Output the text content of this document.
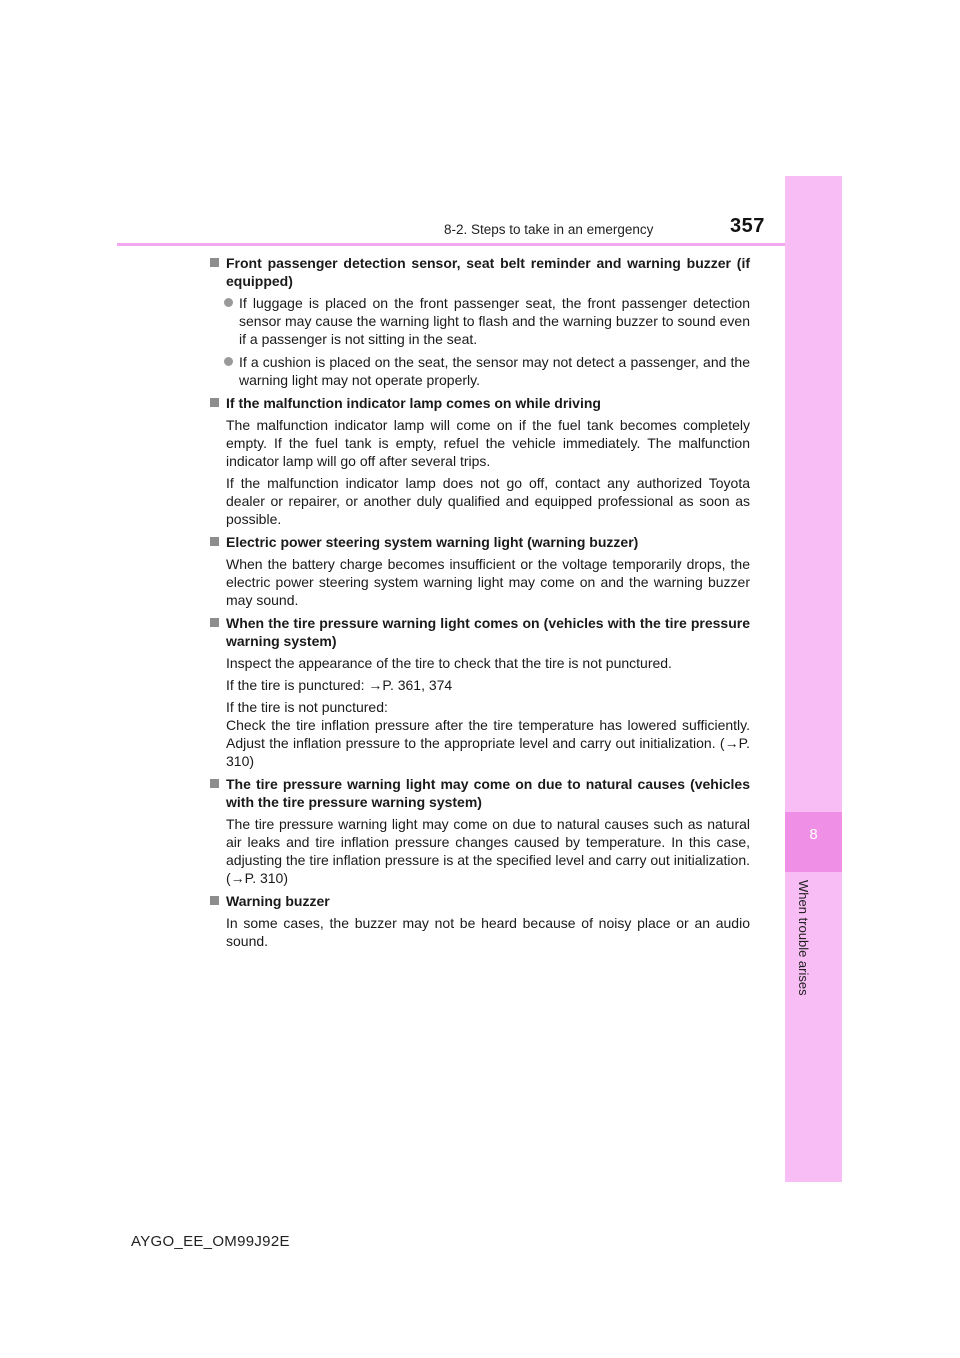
8
When trouble arises
8-2. Steps to take in an emergency	357
Front passenger detection sensor, seat belt reminder and warning buzzer (if equipped)
If luggage is placed on the front passenger seat, the front passenger detection sensor may cause the warning light to flash and the warning buzzer to sound even if a passenger is not sitting in the seat.
If a cushion is placed on the seat, the sensor may not detect a passenger, and the warning light may not operate properly.
If the malfunction indicator lamp comes on while driving
The malfunction indicator lamp will come on if the fuel tank becomes completely empty. If the fuel tank is empty, refuel the vehicle immediately. The malfunction indicator lamp will go off after several trips.
If the malfunction indicator lamp does not go off, contact any authorized Toyota dealer or repairer, or another duly qualified and equipped professional as soon as possible.
Electric power steering system warning light (warning buzzer)
When the battery charge becomes insufficient or the voltage temporarily drops, the electric power steering system warning light may come on and the warning buzzer may sound.
When the tire pressure warning light comes on (vehicles with the tire pressure warning system)
Inspect the appearance of the tire to check that the tire is not punctured.
If the tire is punctured: →P. 361, 374
If the tire is not punctured:
Check the tire inflation pressure after the tire temperature has lowered sufficiently. Adjust the inflation pressure to the appropriate level and carry out initialization. (→P. 310)
The tire pressure warning light may come on due to natural causes (vehicles with the tire pressure warning system)
The tire pressure warning light may come on due to natural causes such as natural air leaks and tire inflation pressure changes caused by temperature. In this case, adjusting the tire inflation pressure is at the specified level and carry out initialization. (→P. 310)
Warning buzzer
In some cases, the buzzer may not be heard because of noisy place or an audio sound.
AYGO_EE_OM99J92E
